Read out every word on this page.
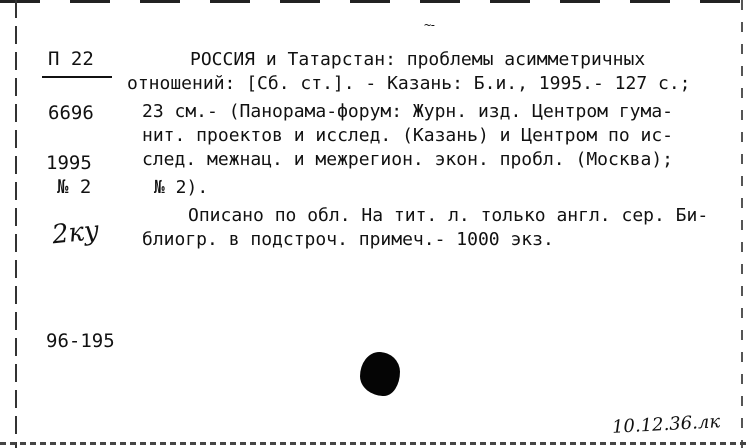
~-
П 22
6696
1995
№ 2
2ку
96-195
РОССИЯ и Татарстан: проблемы асимметричных
отношений: [Сб. ст.]. - Казань: Б.и., 1995.- 127 с.;
23 см.- (Панорама-форум: Журн. изд. Центром гума-
нит. проектов и исслед. (Казань) и Центром по ис-
след. межнац. и межрегион. экон. пробл. (Москва);
№ 2).
Описано по обл. На тит. л. только англ. сер. Би-
блиогр. в подстроч. примеч.- 1000 экз.
10.12.36.лк
